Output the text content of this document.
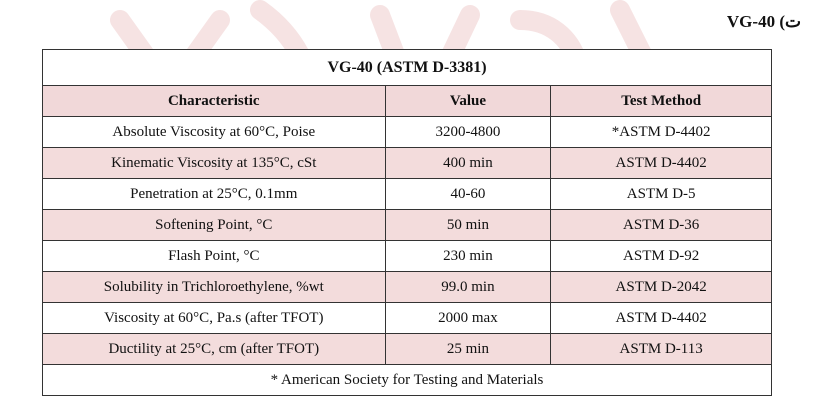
ت) VG-40
VG-40 (ASTM D-3381)		
Characteristic	Value	Test Method
Absolute Viscosity at 60°C, Poise	3200-4800	*ASTM D-4402
Kinematic Viscosity at 135°C, cSt	400 min	ASTM D-4402
Penetration at 25°C, 0.1mm	40-60	ASTM D-5
Softening Point, °C	50 min	ASTM D-36
Flash Point, °C	230 min	ASTM D-92
Solubility in Trichloroethylene, %wt	99.0 min	ASTM D-2042
Viscosity at 60°C, Pa.s (after TFOT)	2000 max	ASTM D-4402
Ductility at 25°C, cm (after TFOT)	25 min	ASTM D-113
* American Society for Testing and Materials		
